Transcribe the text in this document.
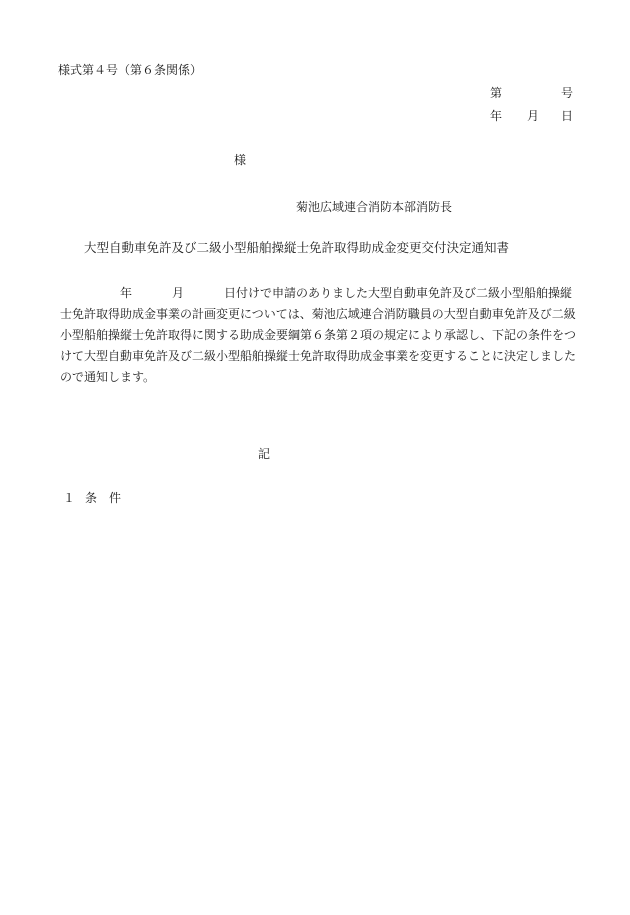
様式第４号（第６条関係）
第	号
年 月 日
様
菊池広域連合消防本部消防長
大型自動車免許及び二級小型船舶操縦士免許取得助成金変更交付決定通知書
年	月	日付けで申請のありました大型自動車免許及び二級小型船舶操縦士免許取得助成金事業の計画変更については、菊池広域連合消防職員の大型自動車免許及び二級小型船舶操縦士免許取得に関する助成金要綱第６条第２項の規定により承認し、下記の条件をつけて大型自動車免許及び二級小型船舶操縦士免許取得助成金事業を変更することに決定しましたので通知します。
記
１ 条件
